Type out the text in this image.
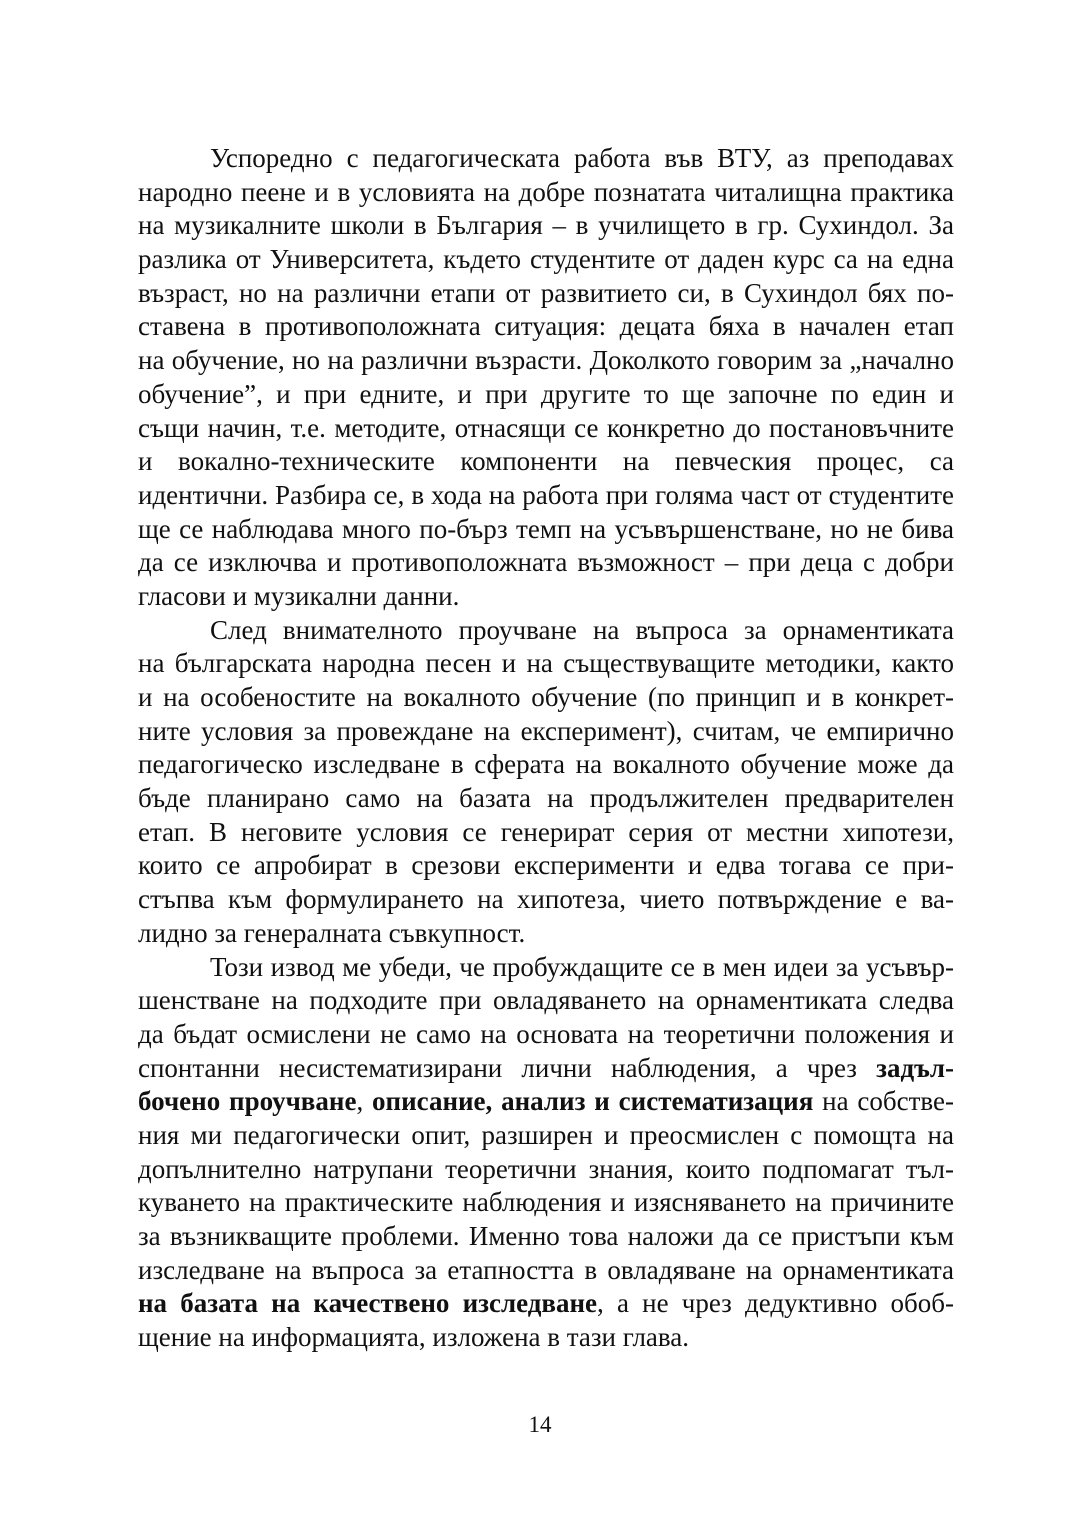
Успоредно с педагогическата работа във ВТУ, аз преподавах
народно пеене и в условията на добре познатата читалищна практика
на музикалните школи в България – в училището в гр. Сухиндол. За
разлика от Университета, където студентите от даден курс са на една
възраст, но на различни етапи от развитието си, в Сухиндол бях по-
ставена в противоположната ситуация: децата бяха в начален етап
на обучение, но на различни възрасти. Доколкото говорим за „начално
обучение”, и при едните, и при другите то ще започне по един и
същи начин, т.е. методите, отнасящи се конкретно до постановъчните
и вокално-техническите компоненти на певческия процес, са
идентични. Разбира се, в хода на работа при голяма част от студентите
ще се наблюдава много по-бърз темп на усъвършенстване, но не бива
да се изключва и противоположната възможност – при деца с добри
гласови и музикални данни.
След внимателното проучване на въпроса за орнаментиката
на българската народна песен и на съществуващите методики, както
и на особеностите на вокалното обучение (по принцип и в конкрет-
ните условия за провеждане на експеримент), считам, че емпирично
педагогическо изследване в сферата на вокалното обучение може да
бъде планирано само на базата на продължителен предварителен
етап. В неговите условия се генерират серия от местни хипотези,
които се апробират в срезови експерименти и едва тогава се при-
стъпва към формулирането на хипотеза, чието потвърждение е ва-
лидно за генералната съвкупност.
Този извод ме убеди, че пробуждащите се в мен идеи за усъвър-
шенстване на подходите при овладяването на орнаментиката следва
да бъдат осмислени не само на основата на теоретични положения и
спонтанни несистематизирани лични наблюдения, а чрез задъл-
бочено проучване, описание, анализ и систематизация на собстве-
ния ми педагогически опит, разширен и преосмислен с помощта на
допълнително натрупани теоретични знания, които подпомагат тъл-
куването на практическите наблюдения и изясняването на причините
за възникващите проблеми. Именно това наложи да се пристъпи към
изследване на въпроса за етапността в овладяване на орнаментиката
на базата на качествено изследване, а не чрез дедуктивно обоб-
щение на информацията, изложена в тази глава.
14
